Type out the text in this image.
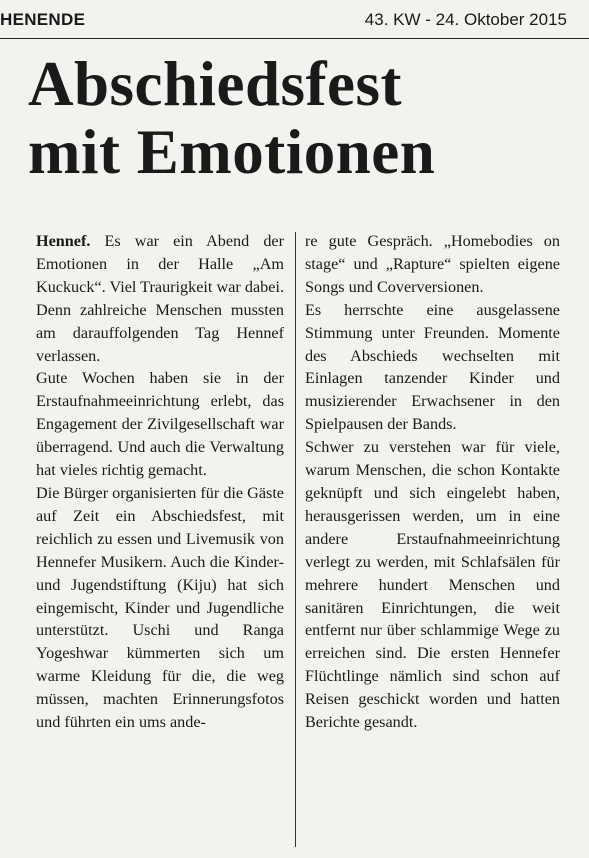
HENENDE	43. KW - 24. Oktober 2015
Abschiedsfest
mit Emotionen

Hennef. Es war ein Abend der Emotionen in der Halle „Am Kuckuck“. Viel Traurigkeit war dabei. Denn zahlreiche Menschen mussten am darauffolgenden Tag Hennef verlassen.

Gute Wochen haben sie in der Erstaufnahmeeinrichtung erlebt, das Engagement der Zivilgesellschaft war überragend. Und auch die Verwaltung hat vieles richtig gemacht.

Die Bürger organisierten für die Gäste auf Zeit ein Abschiedsfest, mit reichlich zu essen und Livemusik von Hennefer Musikern. Auch die Kinder- und Jugendstiftung (Kiju) hat sich eingemischt, Kinder und Jugendliche unterstützt. Uschi und Ranga Yogeshwar kümmerten sich um warme Kleidung für die, die weg müssen, machten Erinnerungsfotos und führten ein ums ande-

re gute Gespräch. „Homebodies on stage“ und „Rapture“ spielten eigene Songs und Coverversionen.

Es herrschte eine ausgelassene Stimmung unter Freunden. Momente des Abschieds wechselten mit Einlagen tanzender Kinder und musizierender Erwachsener in den Spielpausen der Bands.

Schwer zu verstehen war für viele, warum Menschen, die schon Kontakte geknüpft und sich eingelebt haben, herausgerissen werden, um in eine andere Erstaufnahmeeinrichtung verlegt zu werden, mit Schlafsälen für mehrere hundert Menschen und sanitären Einrichtungen, die weit entfernt nur über schlammige Wege zu erreichen sind. Die ersten Hennefer Flüchtlinge nämlich sind schon auf Reisen geschickt worden und hatten Berichte gesandt.
